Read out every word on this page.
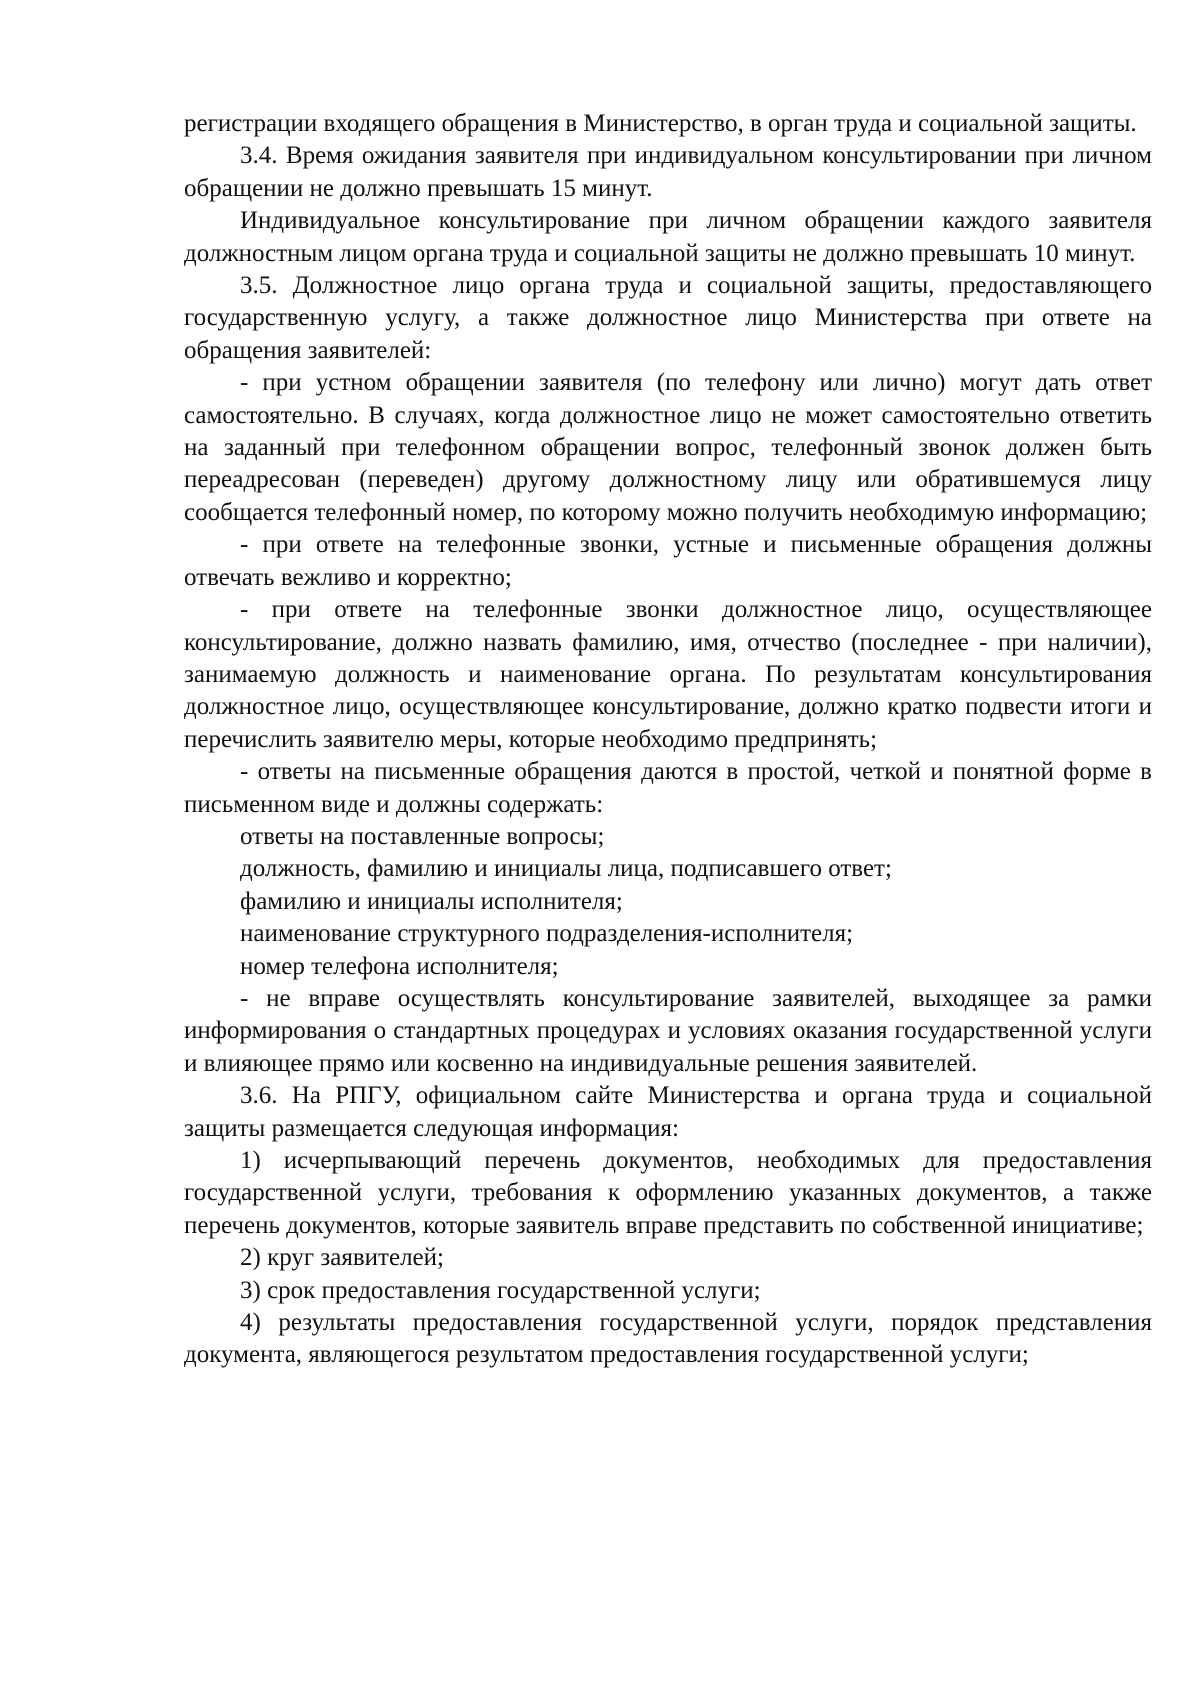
регистрации входящего обращения в Министерство, в орган труда и социальной защиты.

3.4. Время ожидания заявителя при индивидуальном консультировании при личном обращении не должно превышать 15 минут.

Индивидуальное консультирование при личном обращении каждого заявителя должностным лицом органа труда и социальной защиты не должно превышать 10 минут.

3.5. Должностное лицо органа труда и социальной защиты, предоставляющего государственную услугу, а также должностное лицо Министерства при ответе на обращения заявителей:

- при устном обращении заявителя (по телефону или лично) могут дать ответ самостоятельно. В случаях, когда должностное лицо не может самостоятельно ответить на заданный при телефонном обращении вопрос, телефонный звонок должен быть переадресован (переведен) другому должностному лицу или обратившемуся лицу сообщается телефонный номер, по которому можно получить необходимую информацию;

- при ответе на телефонные звонки, устные и письменные обращения должны отвечать вежливо и корректно;

- при ответе на телефонные звонки должностное лицо, осуществляющее консультирование, должно назвать фамилию, имя, отчество (последнее - при наличии), занимаемую должность и наименование органа. По результатам консультирования должностное лицо, осуществляющее консультирование, должно кратко подвести итоги и перечислить заявителю меры, которые необходимо предпринять;

- ответы на письменные обращения даются в простой, четкой и понятной форме в письменном виде и должны содержать:

ответы на поставленные вопросы;

должность, фамилию и инициалы лица, подписавшего ответ;

фамилию и инициалы исполнителя;

наименование структурного подразделения-исполнителя;

номер телефона исполнителя;

- не вправе осуществлять консультирование заявителей, выходящее за рамки информирования о стандартных процедурах и условиях оказания государственной услуги и влияющее прямо или косвенно на индивидуальные решения заявителей.

3.6. На РПГУ, официальном сайте Министерства и органа труда и социальной защиты размещается следующая информация:

1) исчерпывающий перечень документов, необходимых для предоставления государственной услуги, требования к оформлению указанных документов, а также перечень документов, которые заявитель вправе представить по собственной инициативе;

2) круг заявителей;

3) срок предоставления государственной услуги;

4) результаты предоставления государственной услуги, порядок представления документа, являющегося результатом предоставления государственной услуги;
